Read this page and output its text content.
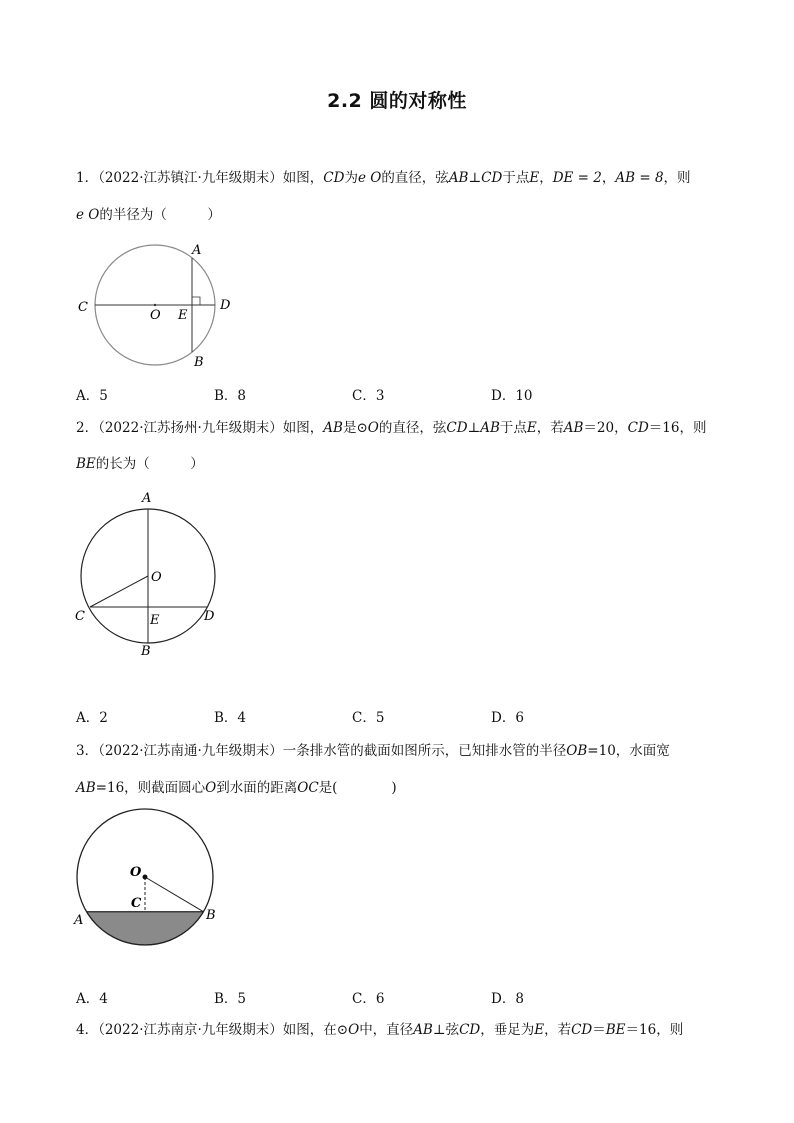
2.2 圆的对称性
1．（2022·江苏镇江·九年级期末）如图，CD为e O的直径，弦AB⊥CD于点E，DE = 2，AB = 8，则
e O的半径为（　　　）
A
B
C	D
O E
A．5	B．8	C．3	D．10
2．（2022·江苏扬州·九年级期末）如图，AB是⊙O的直径，弦CD⊥AB于点E，若AB＝20，CD＝16，则
BE的长为（　　　）
A
B
C	D
O
E
A．2	B．4	C．5	D．6
3．（2022·江苏南通·九年级期末）一条排水管的截面如图所示，已知排水管的半径OB=10，水面宽
AB=16，则截面圆心O到水面的距离OC是(　　　　)
A	B
C
O
A．4	B．5	C．6	D．8
4．（2022·江苏南京·九年级期末）如图，在⊙O中，直径AB⊥弦CD，垂足为E，若CD＝BE＝16，则
